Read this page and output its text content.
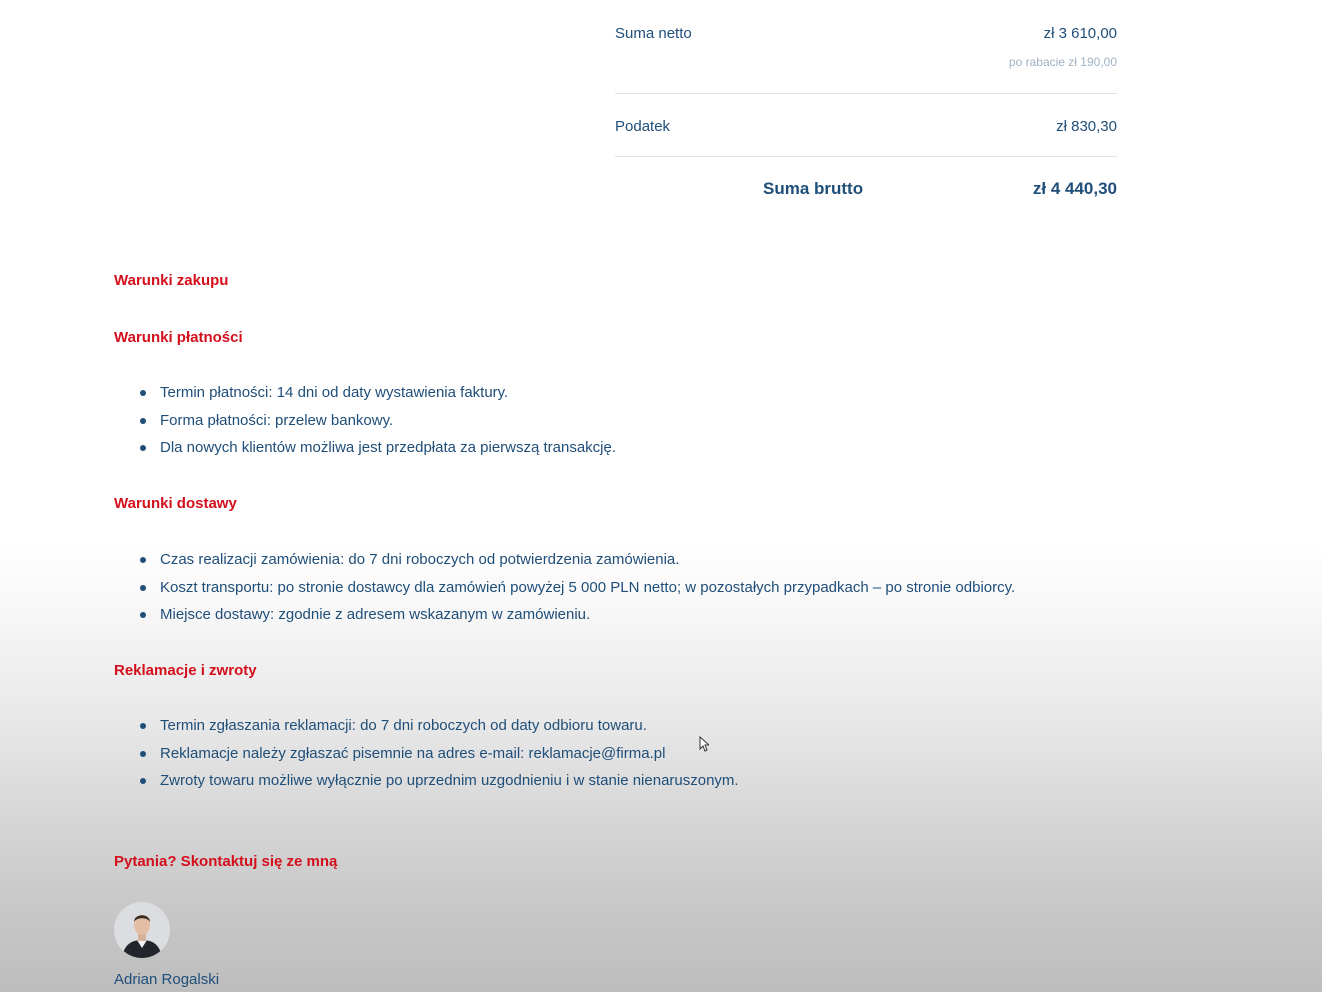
Suma netto	zł 3 610,00
po rabacie zł 190,00
Podatek	zł 830,30
Suma brutto	zł 4 440,30
Warunki zakupu
Warunki płatności
Termin płatności: 14 dni od daty wystawienia faktury.
Forma płatności: przelew bankowy.
Dla nowych klientów możliwa jest przedpłata za pierwszą transakcję.
Warunki dostawy
Czas realizacji zamówienia: do 7 dni roboczych od potwierdzenia zamówienia.
Koszt transportu: po stronie dostawcy dla zamówień powyżej 5 000 PLN netto; w pozostałych przypadkach – po stronie odbiorcy.
Miejsce dostawy: zgodnie z adresem wskazanym w zamówieniu.
Reklamacje i zwroty
Termin zgłaszania reklamacji: do 7 dni roboczych od daty odbioru towaru.
Reklamacje należy zgłaszać pisemnie na adres e-mail: reklamacje@firma.pl
Zwroty towaru możliwe wyłącznie po uprzednim uzgodnieniu i w stanie nienaruszonym.
Pytania? Skontaktuj się ze mną
Adrian Rogalski
